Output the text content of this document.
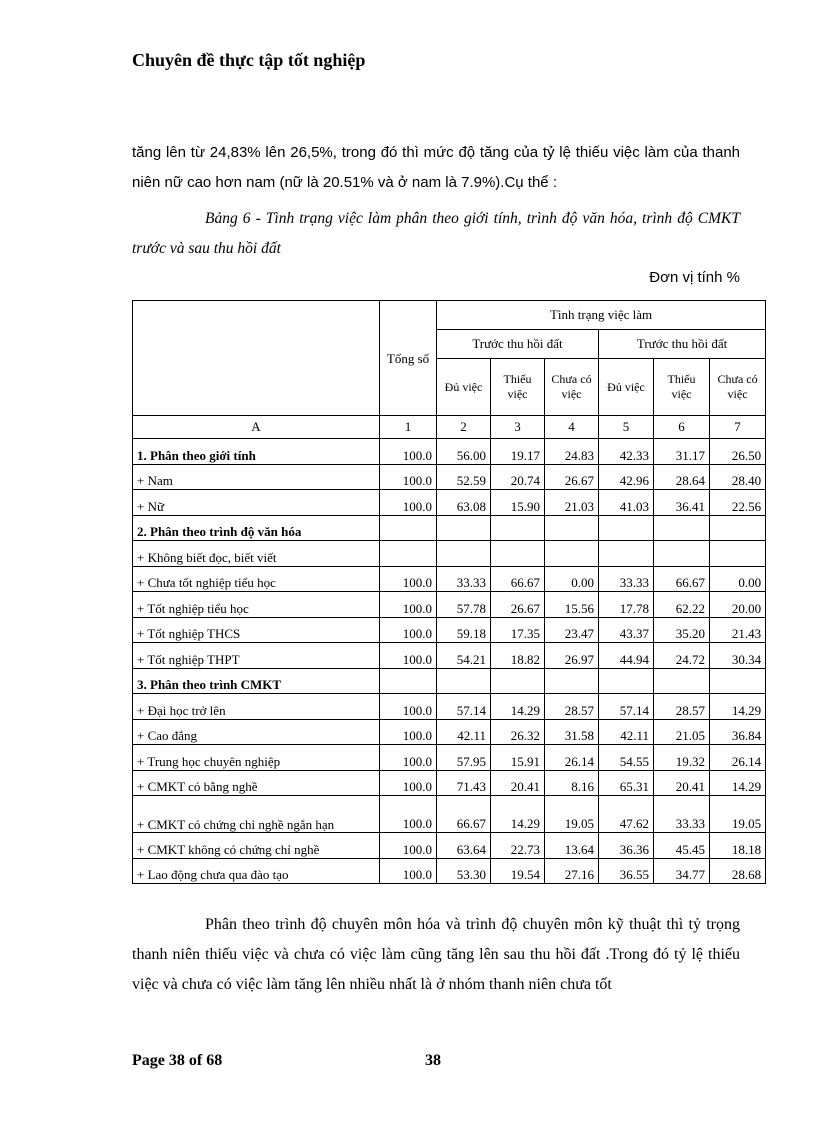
Chuyên đề thực tập tốt nghiệp
tăng lên từ 24,83% lên 26,5%, trong đó thì mức độ tăng của tỷ lệ thiếu việc làm của thanh niên nữ cao hơn nam (nữ là 20.51% và ở nam là 7.9%).Cụ thể :
Bảng 6 - Tình trạng việc làm phân theo giới tính, trình độ văn hóa, trình độ CMKT trước và sau thu hồi đất
Đơn vị tính %
	Tổng số	Tình trạng việc làm					
		Trước thu hồi đất			Trước thu hồi đất		
		Đủ việc	Thiếu việc	Chưa có việc	Đủ việc	Thiếu việc	Chưa có việc
A	1	2	3	4	5	6	7
1. Phân theo giới tính	100.0	56.00	19.17	24.83	42.33	31.17	26.50
+ Nam	100.0	52.59	20.74	26.67	42.96	28.64	28.40
+ Nữ	100.0	63.08	15.90	21.03	41.03	36.41	22.56
2. Phân theo trình độ văn hóa							
+ Không biết đọc, biết viết							
+ Chưa tốt nghiệp tiểu học	100.0	33.33	66.67	0.00	33.33	66.67	0.00
+ Tốt nghiệp tiểu học	100.0	57.78	26.67	15.56	17.78	62.22	20.00
+ Tốt nghiệp THCS	100.0	59.18	17.35	23.47	43.37	35.20	21.43
+ Tốt nghiệp THPT	100.0	54.21	18.82	26.97	44.94	24.72	30.34
3. Phân theo trình CMKT							
+ Đại học trở lên	100.0	57.14	14.29	28.57	57.14	28.57	14.29
+ Cao đẳng	100.0	42.11	26.32	31.58	42.11	21.05	36.84
+ Trung học chuyên nghiệp	100.0	57.95	15.91	26.14	54.55	19.32	26.14
+ CMKT có bằng nghề	100.0	71.43	20.41	8.16	65.31	20.41	14.29
+ CMKT có chứng chỉ nghề ngắn hạn	100.0	66.67	14.29	19.05	47.62	33.33	19.05
+ CMKT không có chứng chỉ nghề	100.0	63.64	22.73	13.64	36.36	45.45	18.18
+ Lao động chưa qua đào tạo	100.0	53.30	19.54	27.16	36.55	34.77	28.68
Phân theo trình độ chuyên môn hóa và trình độ chuyên môn kỹ thuật thì tỷ trọng thanh niên thiếu việc và chưa có việc làm cũng tăng lên sau thu hồi đất .Trong đó tỷ lệ thiếu việc và chưa có việc làm tăng lên nhiều nhất là ở nhóm thanh niên chưa tốt
Page 38 of 68	38
